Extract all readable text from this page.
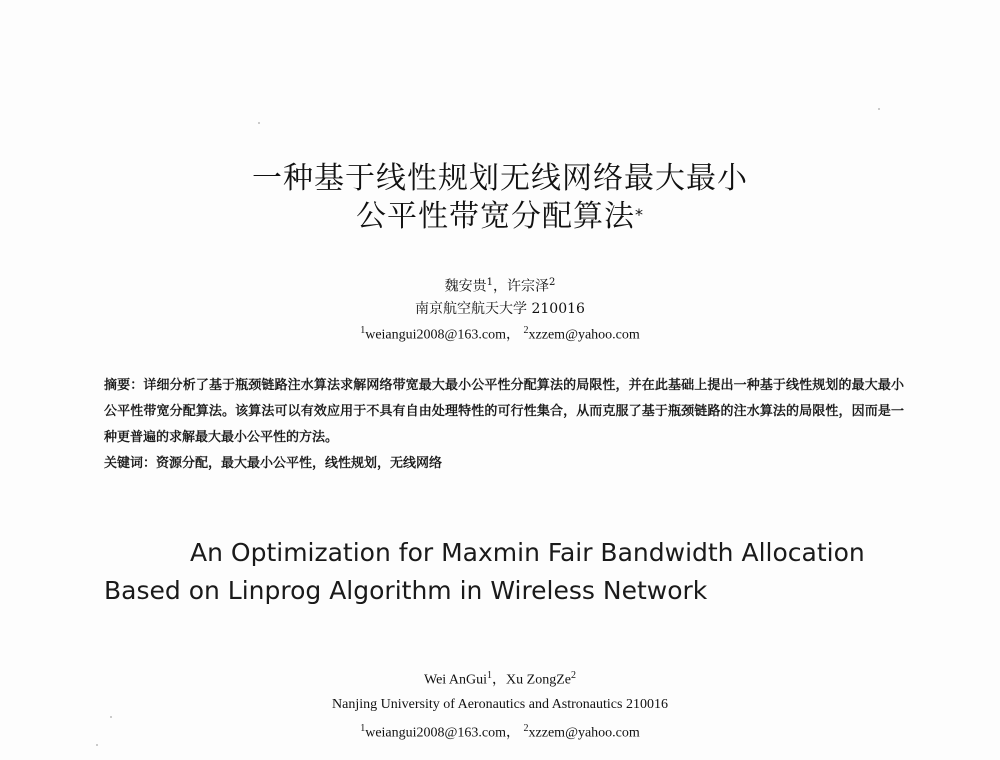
一种基于线性规划无线网络最大最小
公平性带宽分配算法*
魏安贵$^1$，许宗泽$^2$
南京航空航天大学 210016
$^1$weiangui2008@163.com， $^2$xzzem@yahoo.com
摘要：详细分析了基于瓶颈链路注水算法求解网络带宽最大最小公平性分配算法的局限性，并在此基础上提出一种基于线性规划的最大最小公平性带宽分配算法。该算法可以有效应用于不具有自由处理特性的可行性集合，从而克服了基于瓶颈链路的注水算法的局限性，因而是一种更普遍的求解最大最小公平性的方法。
关键词：资源分配，最大最小公平性，线性规划，无线网络
An Optimization for Maxmin Fair Bandwidth Allocation
Based on Linprog Algorithm in Wireless Network
Wei AnGui$^1$，Xu ZongZe$^2$
Nanjing University of Aeronautics and Astronautics 210016
$^1$weiangui2008@163.com， $^2$xzzem@yahoo.com
